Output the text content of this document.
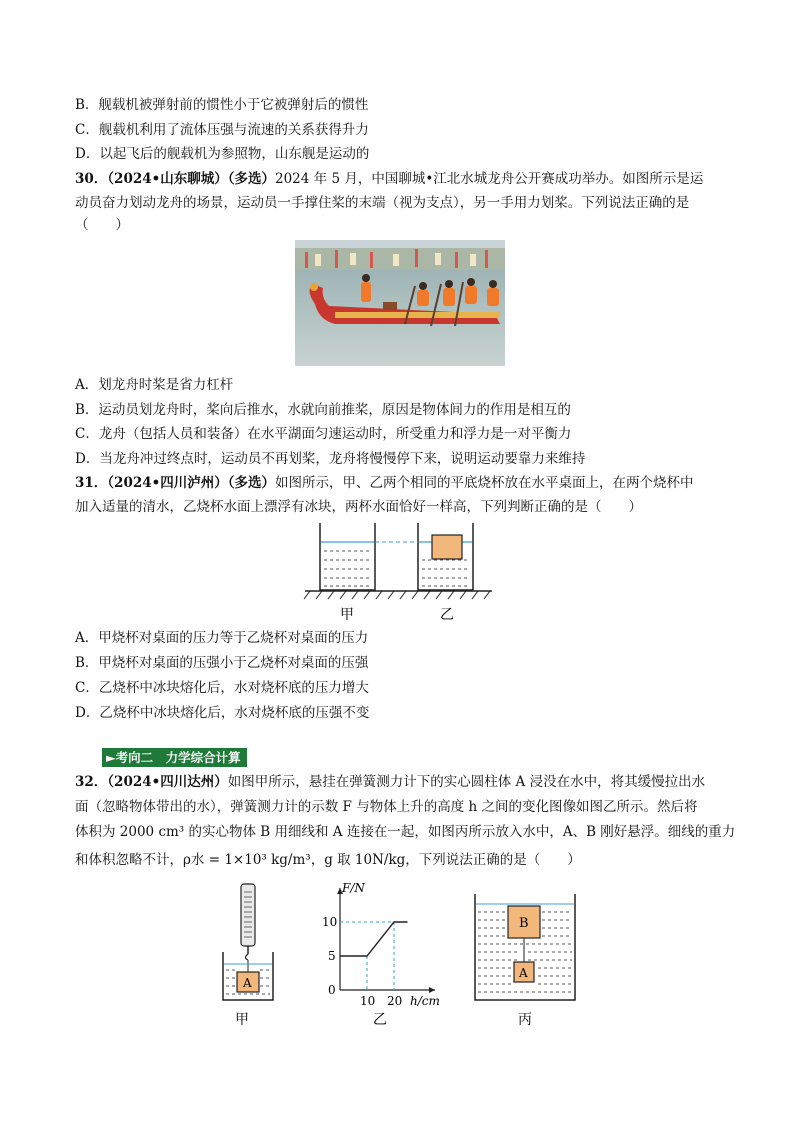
B．舰载机被弹射前的惯性小于它被弹射后的惯性
C．舰载机利用了流体压强与流速的关系获得升力
D．以起飞后的舰载机为参照物，山东舰是运动的
30．（2024•山东聊城）（多选）2024 年 5 月，中国聊城•江北水城龙舟公开赛成功举办。如图所示是运
动员奋力划动龙舟的场景，运动员一手撑住桨的末端（视为支点），另一手用力划桨。下列说法正确的是
（　　）
A．划龙舟时桨是省力杠杆
B．运动员划龙舟时，桨向后推水，水就向前推桨，原因是物体间力的作用是相互的
C．龙舟（包括人员和装备）在水平湖面匀速运动时，所受重力和浮力是一对平衡力
D．当龙舟冲过终点时，运动员不再划桨，龙舟将慢慢停下来，说明运动要靠力来维持
31．（2024•四川泸州）（多选）如图所示，甲、乙两个相同的平底烧杯放在水平桌面上，在两个烧杯中
加入适量的清水，乙烧杯水面上漂浮有冰块，两杯水面恰好一样高，下列判断正确的是（　　）
甲	乙
A．甲烧杯对桌面的压力等于乙烧杯对桌面的压力
B．甲烧杯对桌面的压强小于乙烧杯对桌面的压强
C．乙烧杯中冰块熔化后，水对烧杯底的压力增大
D．乙烧杯中冰块熔化后，水对烧杯底的压强不变
►考向二　力学综合计算
32．（2024•四川达州）如图甲所示，悬挂在弹簧测力计下的实心圆柱体 A 浸没在水中，将其缓慢拉出水
面（忽略物体带出的水），弹簧测力计的示数 F 与物体上升的高度 h 之间的变化图像如图乙所示。然后将
体积为 2000 cm³ 的实心物体 B 用细线和 A 连接在一起，如图丙所示放入水中，A、B 刚好悬浮。细线的重力
和体积忽略不计，ρ水 = 1×10³ kg/m³，g 取 10N/kg，下列说法正确的是（　　）
A
甲
F/N
h/cm
0
5
10
10 20
乙
B
A
丙
